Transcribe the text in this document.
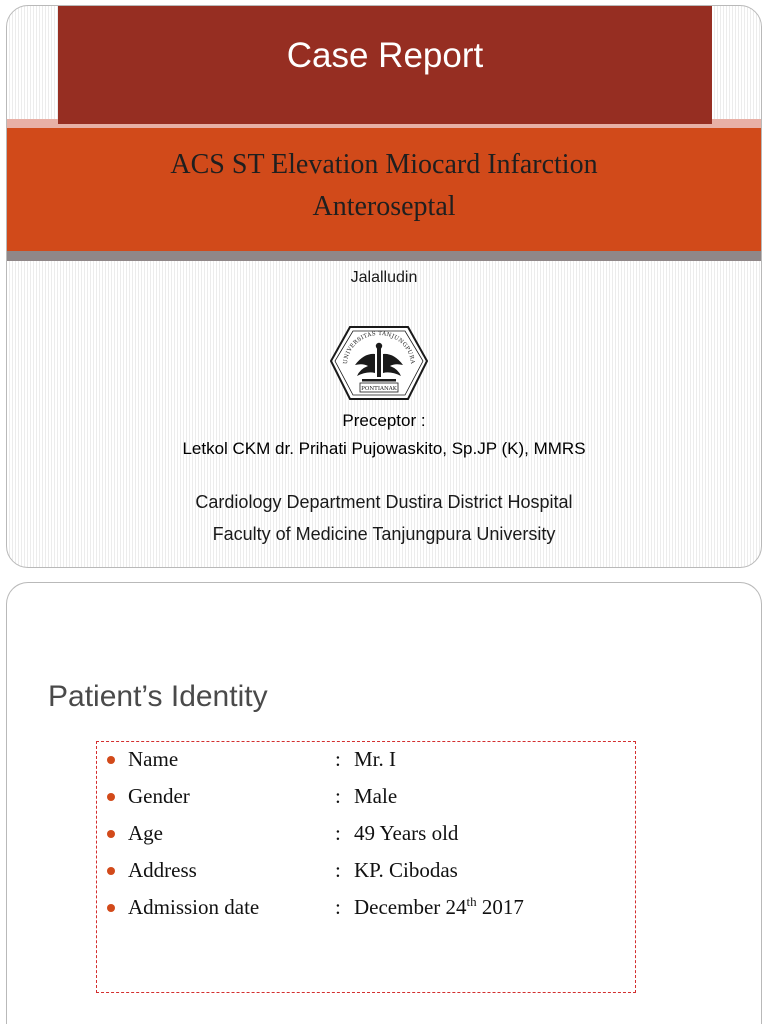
Case Report
ACS ST Elevation Miocard Infarction
Anteroseptal
Jalalludin
UNIVERSITAS TANJUNGPURA
PONTIANAK
Preceptor :
Letkol CKM dr. Prihati Pujowaskito, Sp.JP (K), MMRS
Cardiology Department Dustira District Hospital
Faculty of Medicine Tanjungpura University
Patient’s Identity
Name	: Mr. I
Gender	: Male
Age	: 49 Years old
Address	: KP. Cibodas
Admission date	: December 24th 2017
